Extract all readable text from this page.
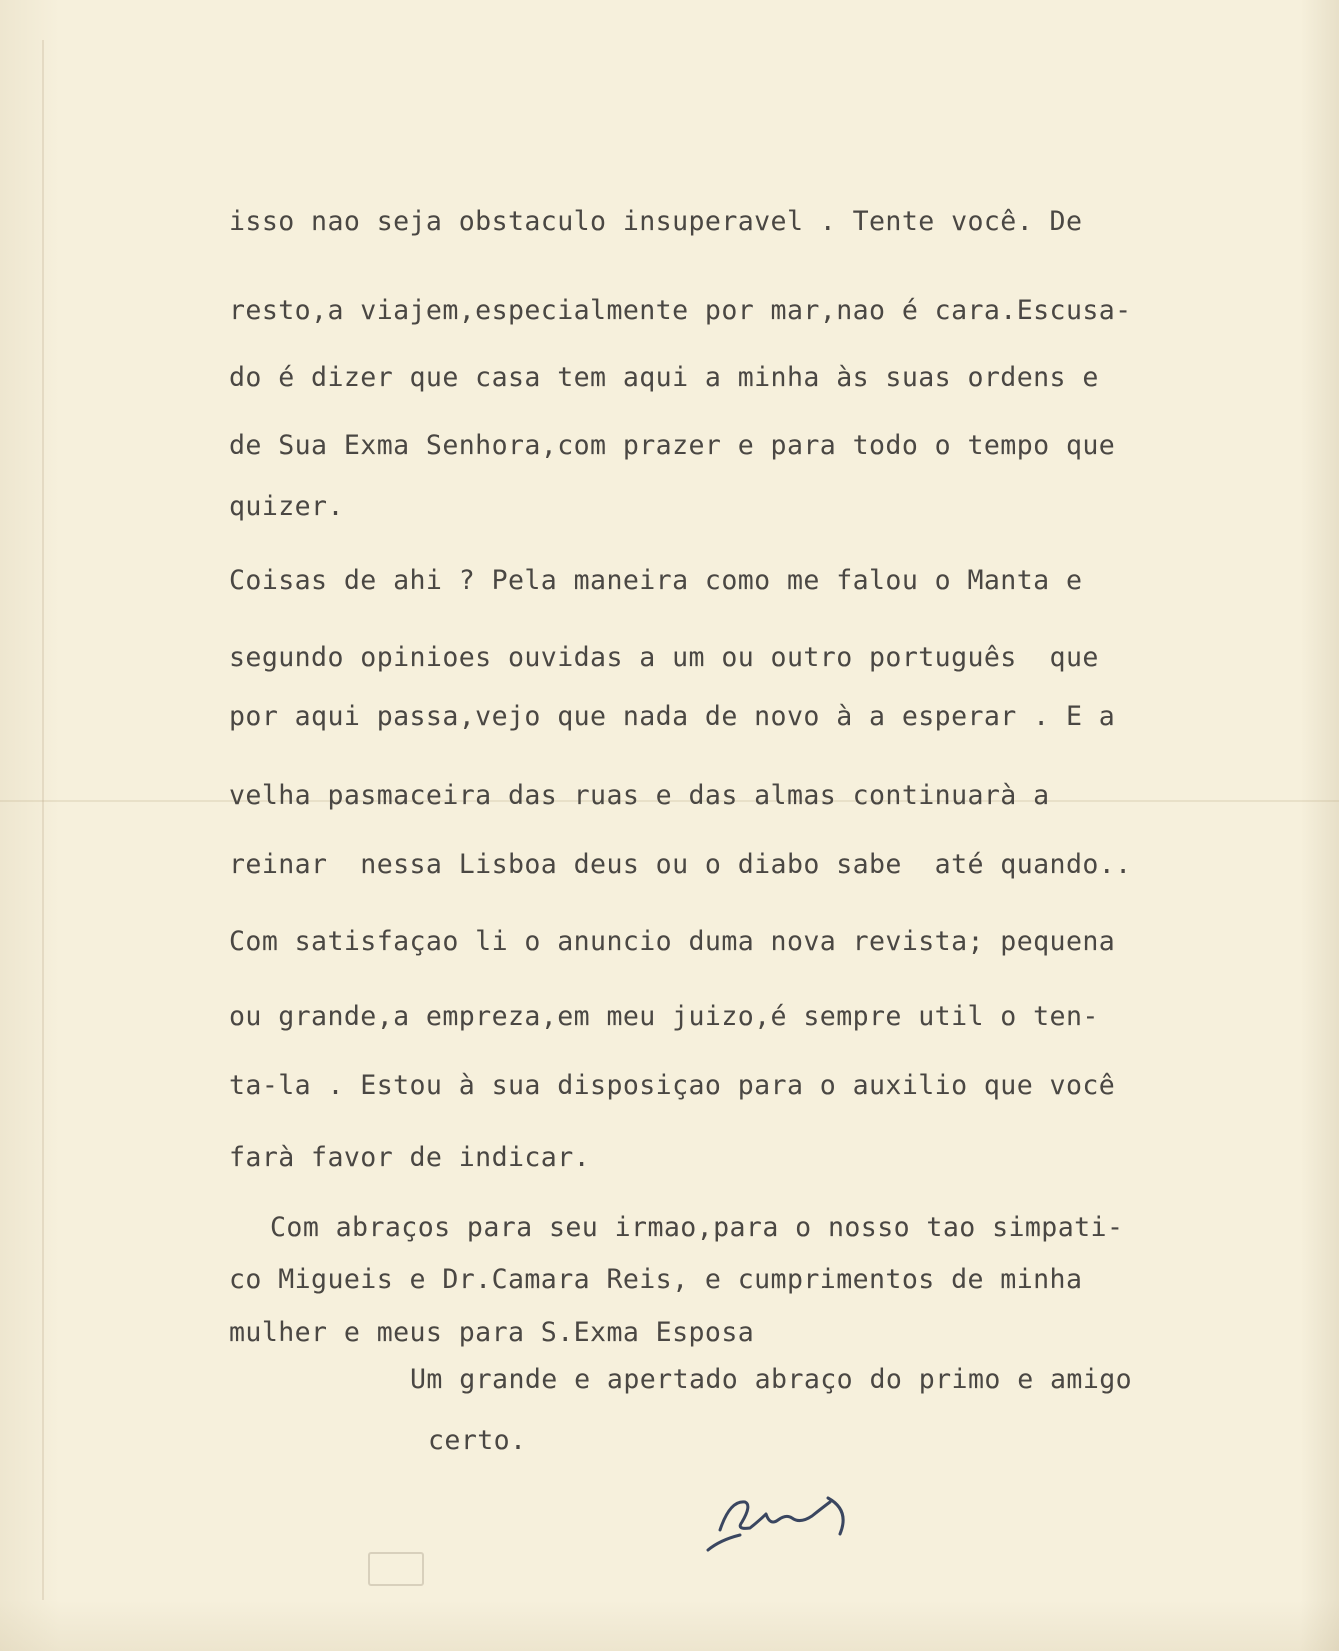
isso nao seja obstaculo insuperavel . Tente você. De
resto,a viajem,especialmente por mar,nao é cara.Escusa-
do é dizer que casa tem aqui a minha às suas ordens e
de Sua Exma Senhora,com prazer e para todo o tempo que
quizer.
Coisas de ahi ? Pela maneira como me falou o Manta e
segundo opinioes ouvidas a um ou outro português  que
por aqui passa,vejo que nada de novo à a esperar . E a
velha pasmaceira das ruas e das almas continuarà a
reinar  nessa Lisboa deus ou o diabo sabe  até quando..
Com satisfaçao li o anuncio duma nova revista; pequena
ou grande,a empreza,em meu juizo,é sempre util o ten-
ta-la . Estou à sua disposiçao para o auxilio que você
farà favor de indicar.
Com abraços para seu irmao,para o nosso tao simpati-
co Migueis e Dr.Camara Reis, e cumprimentos de minha
mulher e meus para S.Exma Esposa
Um grande e apertado abraço do primo e amigo
certo.
